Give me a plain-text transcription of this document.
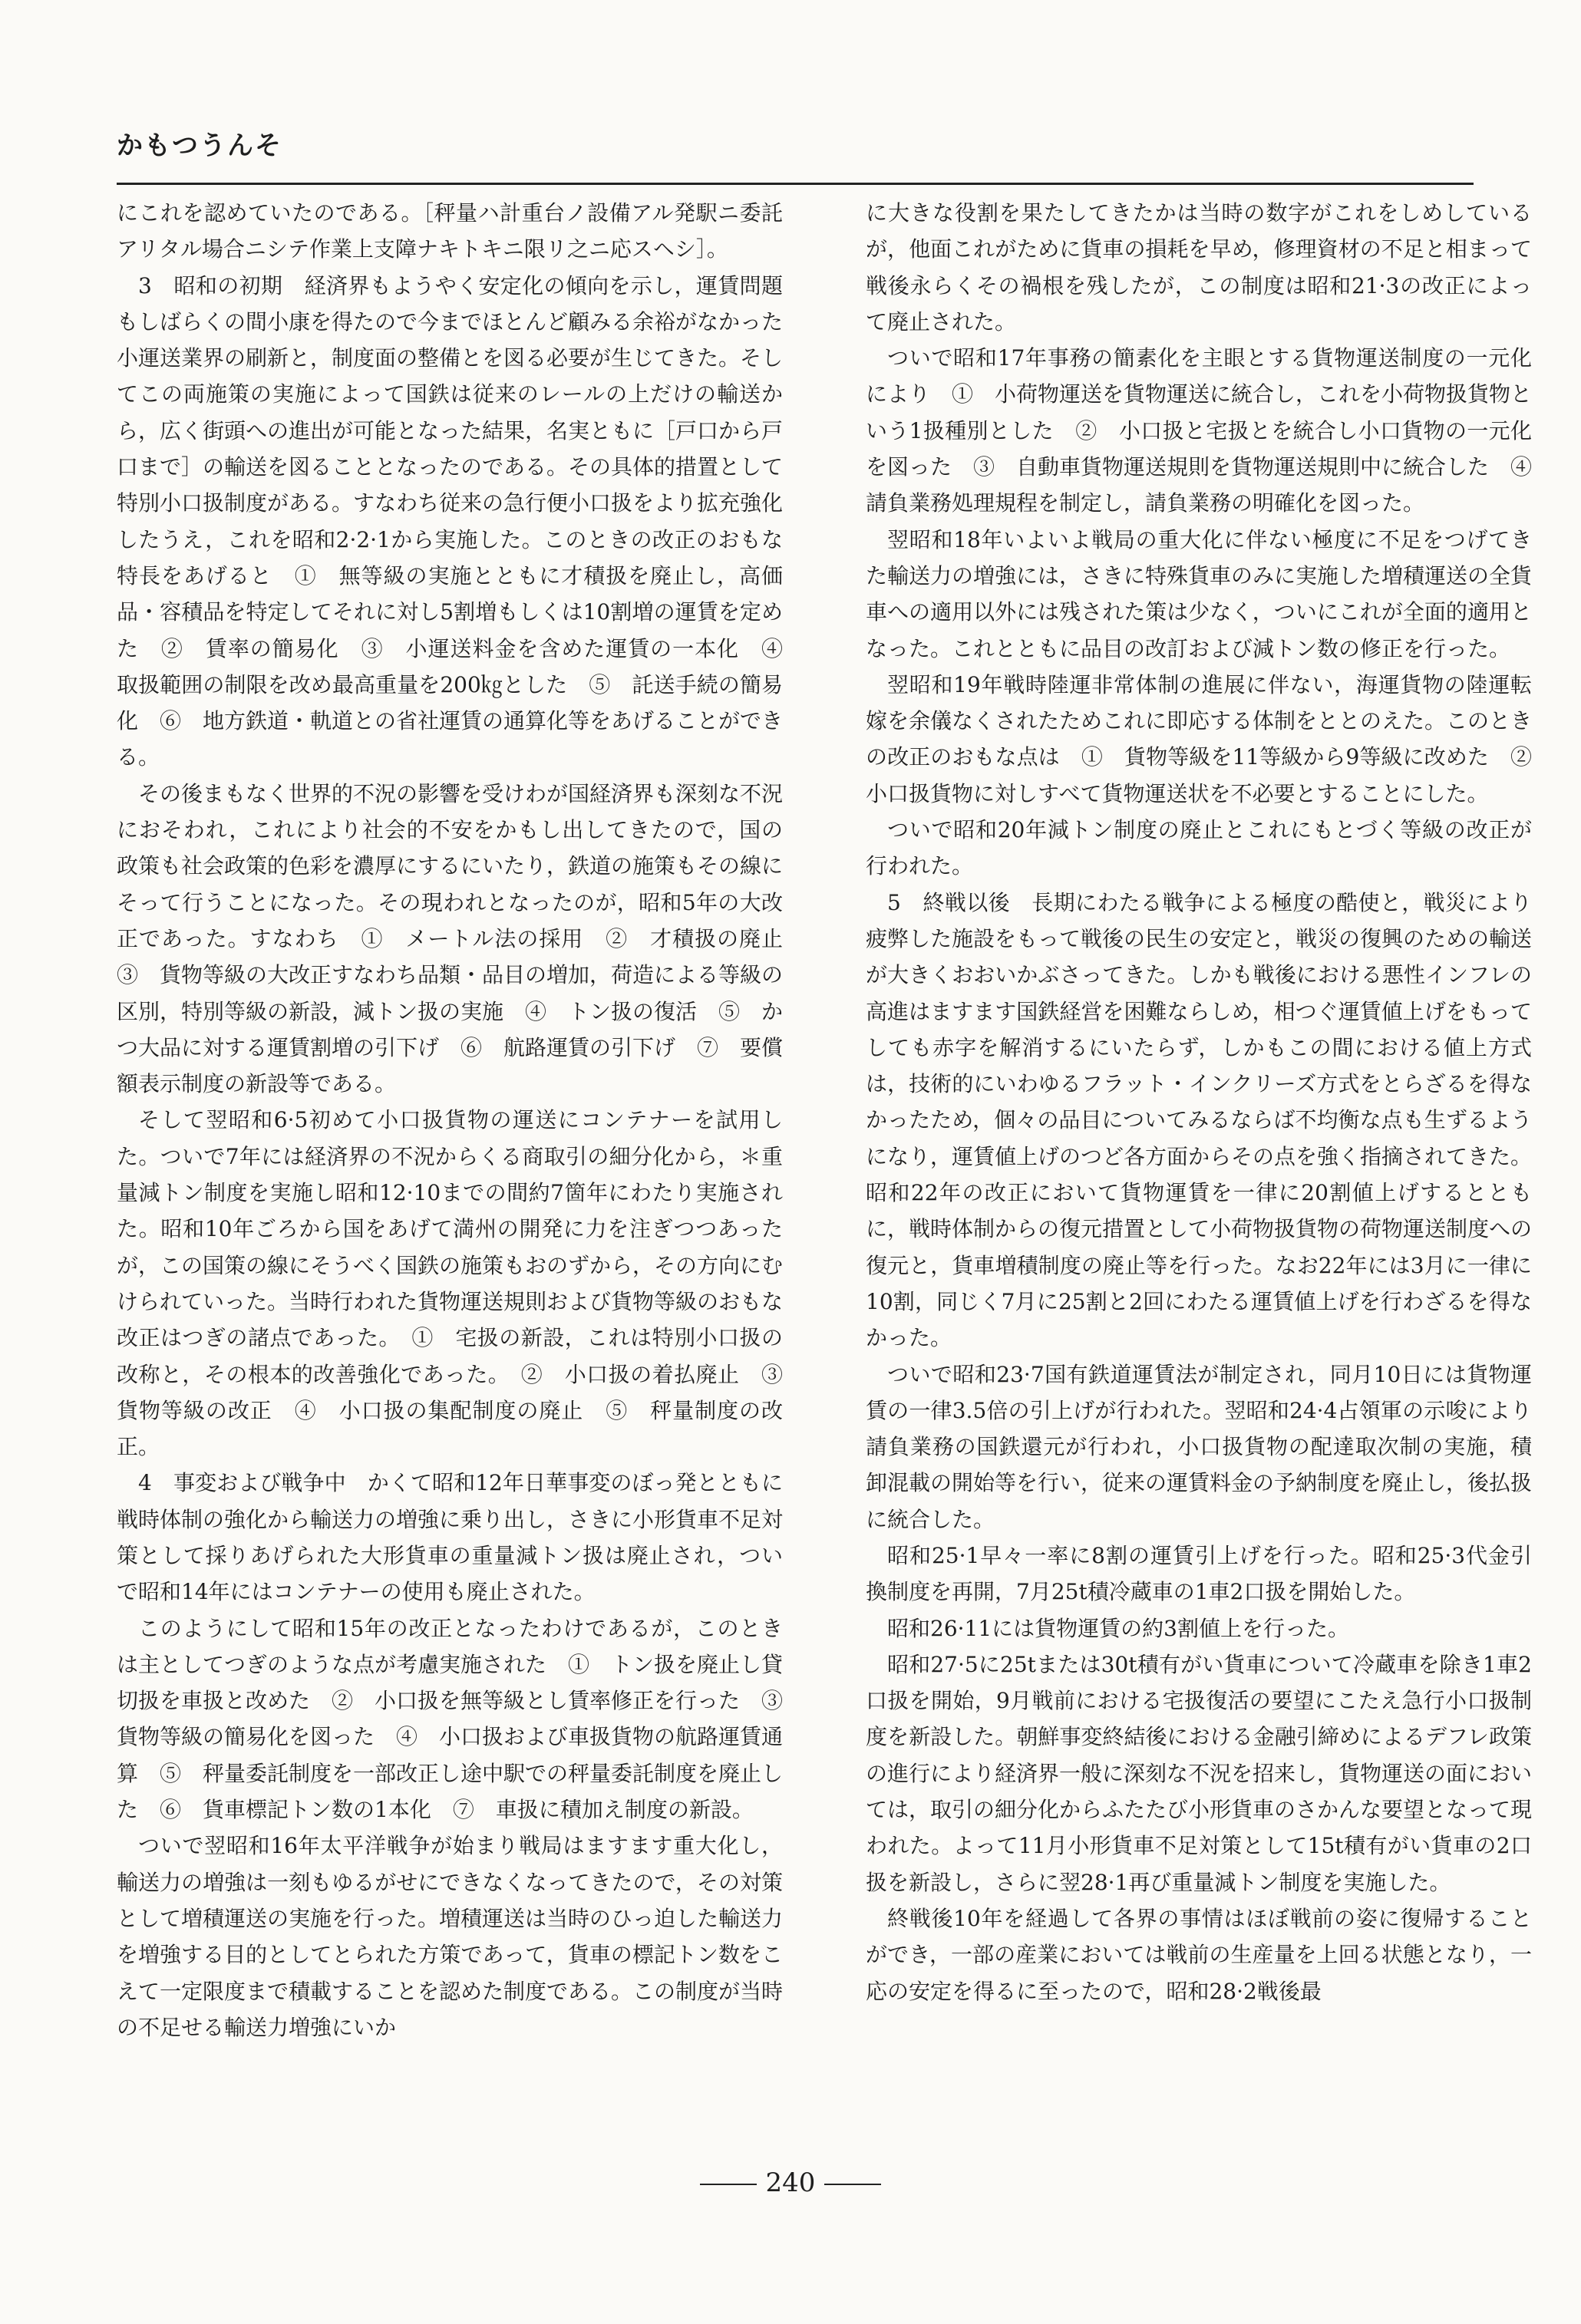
かもつうんそ

にこれを認めていたのである。［秤量ハ計重台ノ設備アル発駅ニ委託アリタル場合ニシテ作業上支障ナキトキニ限リ之ニ応スヘシ］。

3　昭和の初期　経済界もようやく安定化の傾向を示し，運賃問題もしばらくの間小康を得たので今までほとんど顧みる余裕がなかった小運送業界の刷新と，制度面の整備とを図る必要が生じてきた。そしてこの両施策の実施によって国鉄は従来のレールの上だけの輸送から，広く街頭への進出が可能となった結果，名実ともに［戸口から戸口まで］の輸送を図ることとなったのである。その具体的措置として特別小口扱制度がある。すなわち従来の急行便小口扱をより拡充強化したうえ，これを昭和2·2·1から実施した。このときの改正のおもな特長をあげると　①　無等級の実施とともに才積扱を廃止し，高価品・容積品を特定してそれに対し5割増もしくは10割増の運賃を定めた　②　賃率の簡易化　③　小運送料金を含めた運賃の一本化　④　取扱範囲の制限を改め最高重量を200㎏とした　⑤　託送手続の簡易化　⑥　地方鉄道・軌道との省社運賃の通算化等をあげることができる。

その後まもなく世界的不況の影響を受けわが国経済界も深刻な不況におそわれ，これにより社会的不安をかもし出してきたので，国の政策も社会政策的色彩を濃厚にするにいたり，鉄道の施策もその線にそって行うことになった。その現われとなったのが，昭和5年の大改正であった。すなわち　①　メートル法の採用　②　才積扱の廃止　③　貨物等級の大改正すなわち品類・品目の増加，荷造による等級の区別，特別等級の新設，減トン扱の実施　④　トン扱の復活　⑤　かつ大品に対する運賃割増の引下げ　⑥　航路運賃の引下げ　⑦　要償額表示制度の新設等である。

そして翌昭和6·5初めて小口扱貨物の運送にコンテナーを試用した。ついで7年には経済界の不況からくる商取引の細分化から，＊重量減トン制度を実施し昭和12·10までの間約7箇年にわたり実施された。昭和10年ごろから国をあげて満州の開発に力を注ぎつつあったが，この国策の線にそうべく国鉄の施策もおのずから，その方向にむけられていった。当時行われた貨物運送規則および貨物等級のおもな改正はつぎの諸点であった。　①　宅扱の新設，これは特別小口扱の改称と，その根本的改善強化であった。　②　小口扱の着払廃止　③　貨物等級の改正　④　小口扱の集配制度の廃止　⑤　秤量制度の改正。

4　事変および戦争中　かくて昭和12年日華事変のぼっ発とともに戦時体制の強化から輸送力の増強に乗り出し，さきに小形貨車不足対策として採りあげられた大形貨車の重量減トン扱は廃止され，ついで昭和14年にはコンテナーの使用も廃止された。

このようにして昭和15年の改正となったわけであるが，このときは主としてつぎのような点が考慮実施された　①　トン扱を廃止し貸切扱を車扱と改めた　②　小口扱を無等級とし賃率修正を行った　③　貨物等級の簡易化を図った　④　小口扱および車扱貨物の航路運賃通算　⑤　秤量委託制度を一部改正し途中駅での秤量委託制度を廃止した　⑥　貨車標記トン数の1本化　⑦　車扱に積加え制度の新設。

ついで翌昭和16年太平洋戦争が始まり戦局はますます重大化し，輸送力の増強は一刻もゆるがせにできなくなってきたので，その対策として増積運送の実施を行った。増積運送は当時のひっ迫した輸送力を増強する目的としてとられた方策であって，貨車の標記トン数をこえて一定限度まで積載することを認めた制度である。この制度が当時の不足せる輸送力増強にいか

に大きな役割を果たしてきたかは当時の数字がこれをしめしているが，他面これがために貨車の損耗を早め，修理資材の不足と相まって戦後永らくその禍根を残したが，この制度は昭和21·3の改正によって廃止された。

ついで昭和17年事務の簡素化を主眼とする貨物運送制度の一元化により　①　小荷物運送を貨物運送に統合し，これを小荷物扱貨物という1扱種別とした　②　小口扱と宅扱とを統合し小口貨物の一元化を図った　③　自動車貨物運送規則を貨物運送規則中に統合した　④　請負業務処理規程を制定し，請負業務の明確化を図った。

翌昭和18年いよいよ戦局の重大化に伴ない極度に不足をつげてきた輸送力の増強には，さきに特殊貨車のみに実施した増積運送の全貨車への適用以外には残された策は少なく，ついにこれが全面的適用となった。これとともに品目の改訂および減トン数の修正を行った。

翌昭和19年戦時陸運非常体制の進展に伴ない，海運貨物の陸運転嫁を余儀なくされたためこれに即応する体制をととのえた。このときの改正のおもな点は　①　貨物等級を11等級から9等級に改めた　②　小口扱貨物に対しすべて貨物運送状を不必要とすることにした。

ついで昭和20年減トン制度の廃止とこれにもとづく等級の改正が行われた。

5　終戦以後　長期にわたる戦争による極度の酷使と，戦災により疲弊した施設をもって戦後の民生の安定と，戦災の復興のための輸送が大きくおおいかぶさってきた。しかも戦後における悪性インフレの高進はますます国鉄経営を困難ならしめ，相つぐ運賃値上げをもってしても赤字を解消するにいたらず，しかもこの間における値上方式は，技術的にいわゆるフラット・インクリーズ方式をとらざるを得なかったため，個々の品目についてみるならば不均衡な点も生ずるようになり，運賃値上げのつど各方面からその点を強く指摘されてきた。昭和22年の改正において貨物運賃を一律に20割値上げするとともに，戦時体制からの復元措置として小荷物扱貨物の荷物運送制度への復元と，貨車増積制度の廃止等を行った。なお22年には3月に一律に10割，同じく7月に25割と2回にわたる運賃値上げを行わざるを得なかった。

ついで昭和23·7国有鉄道運賃法が制定され，同月10日には貨物運賃の一律3.5倍の引上げが行われた。翌昭和24·4占領軍の示唆により請負業務の国鉄還元が行われ，小口扱貨物の配達取次制の実施，積卸混載の開始等を行い，従来の運賃料金の予納制度を廃止し，後払扱に統合した。

昭和25·1早々一率に8割の運賃引上げを行った。昭和25·3代金引換制度を再開，7月25t積冷蔵車の1車2口扱を開始した。

昭和26·11には貨物運賃の約3割値上を行った。

昭和27·5に25tまたは30t積有がい貨車について冷蔵車を除き1車2口扱を開始，9月戦前における宅扱復活の要望にこたえ急行小口扱制度を新設した。朝鮮事変終結後における金融引締めによるデフレ政策の進行により経済界一般に深刻な不況を招来し，貨物運送の面においては，取引の細分化からふたたび小形貨車のさかんな要望となって現われた。よって11月小形貨車不足対策として15t積有がい貨車の2口扱を新設し，さらに翌28·1再び重量減トン制度を実施した。

終戦後10年を経過して各界の事情はほぼ戦前の姿に復帰することができ，一部の産業においては戦前の生産量を上回る状態となり，一応の安定を得るに至ったので，昭和28·2戦後最

240
